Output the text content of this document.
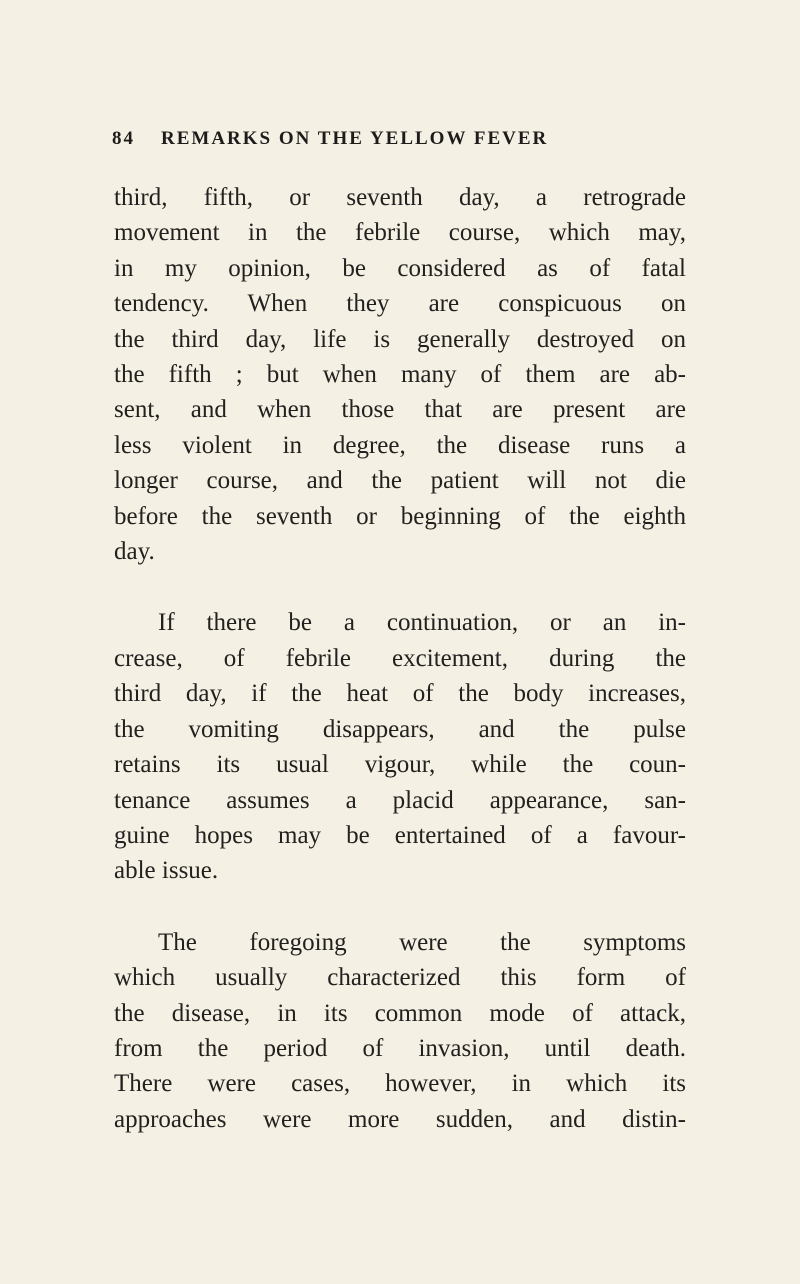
84 REMARKS ON THE YELLOW FEVER

third, fifth, or seventh day, a retrograde
movement in the febrile course, which may,
in my opinion, be considered as of fatal
tendency. When they are conspicuous on
the third day, life is generally destroyed on
the fifth ; but when many of them are ab-
sent, and when those that are present are
less violent in degree, the disease runs a
longer course, and the patient will not die
before the seventh or beginning of the eighth
day.

If there be a continuation, or an in-
crease, of febrile excitement, during the
third day, if the heat of the body increases,
the vomiting disappears, and the pulse
retains its usual vigour, while the coun-
tenance assumes a placid appearance, san-
guine hopes may be entertained of a favour-
able issue.

The foregoing were the symptoms
which usually characterized this form of
the disease, in its common mode of attack,
from the period of invasion, until death.
There were cases, however, in which its
approaches were more sudden, and distin-
